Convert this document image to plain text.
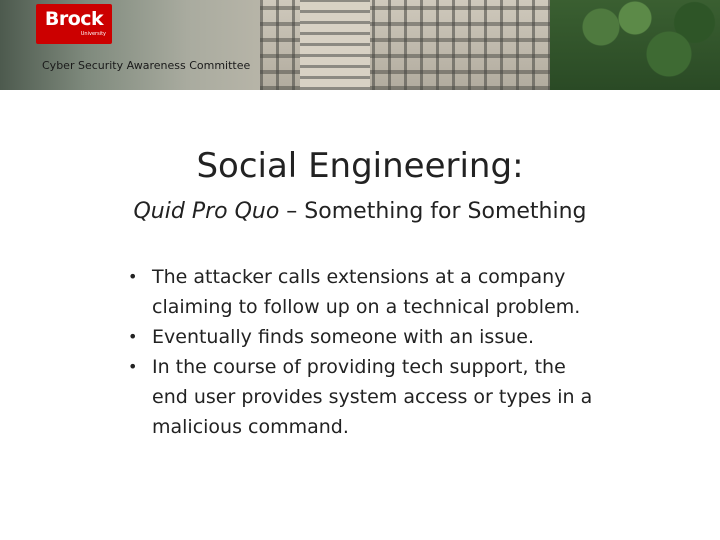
Brock
University
Cyber Security Awareness Committee
Social Engineering:
Quid Pro Quo – Something for Something
• The attacker calls extensions at a company claiming to follow up on a technical problem.
• Eventually finds someone with an issue.
• In the course of providing tech support, the end user provides system access or types in a malicious command.
